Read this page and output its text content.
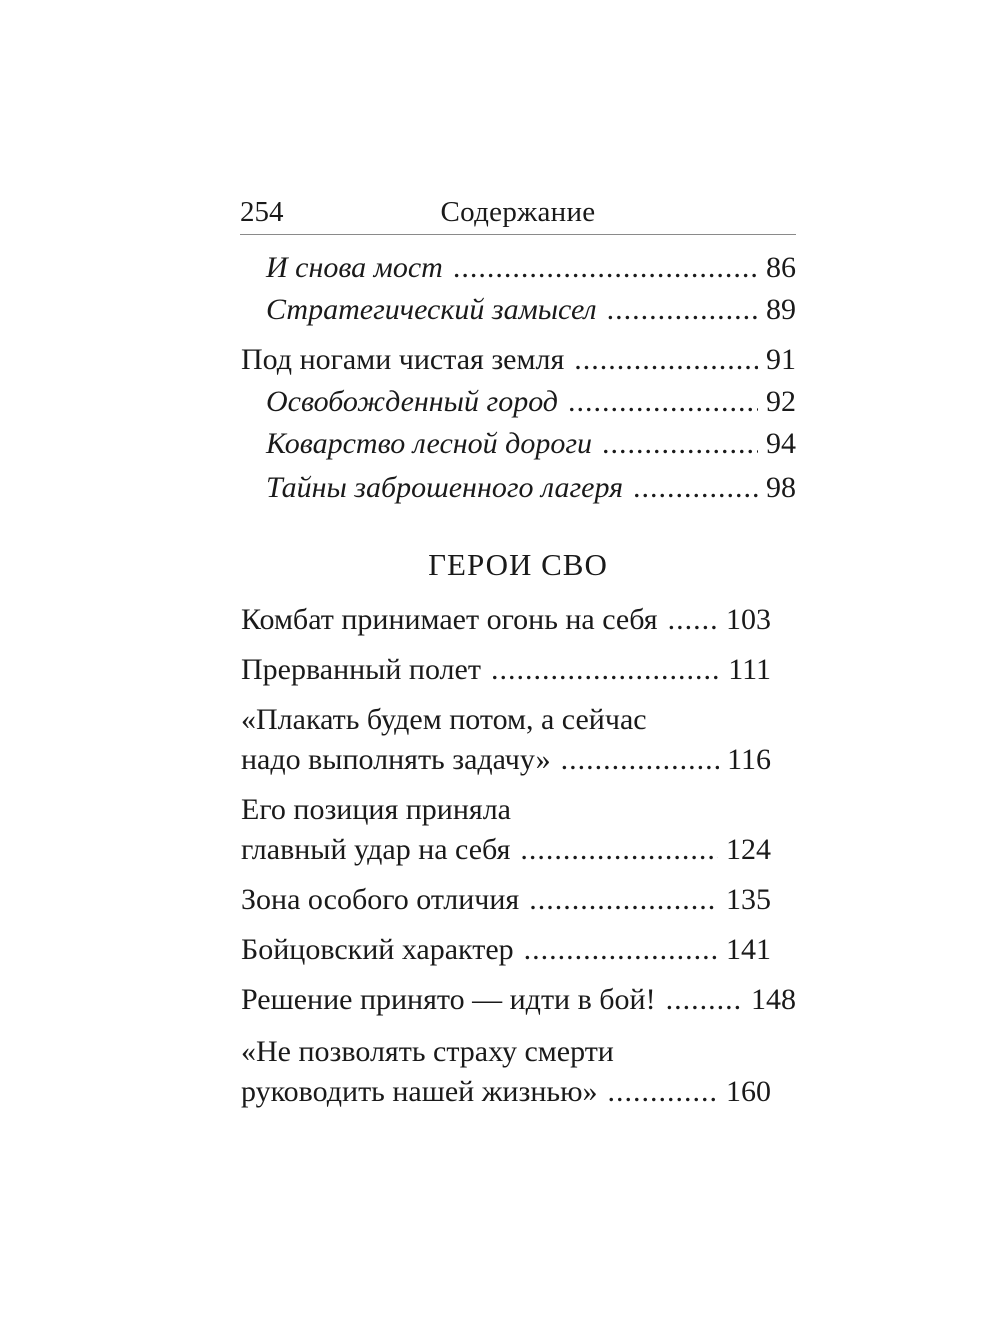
254	Содержание
И снова мост .....	86
Стратегический замысел .....	89
Под ногами чистая земля .....	91
Освобожденный город .....	92
Коварство лесной дороги .....	94
Тайны заброшенного лагеря .....	98
ГЕРОИ СВО
Комбат принимает огонь на себя ..... 103
Прерванный полет .....	111
«Плакать будем потом, а сейчас
надо выполнять задачу» .....	116
Его позиция приняла
главный удар на себя .....	124
Зона особого отличия .....	135
Бойцовский характер .....	141
Решение принято — идти в бой! .....	148
«Не позволять страху смерти
руководить нашей жизнью» .....	160
